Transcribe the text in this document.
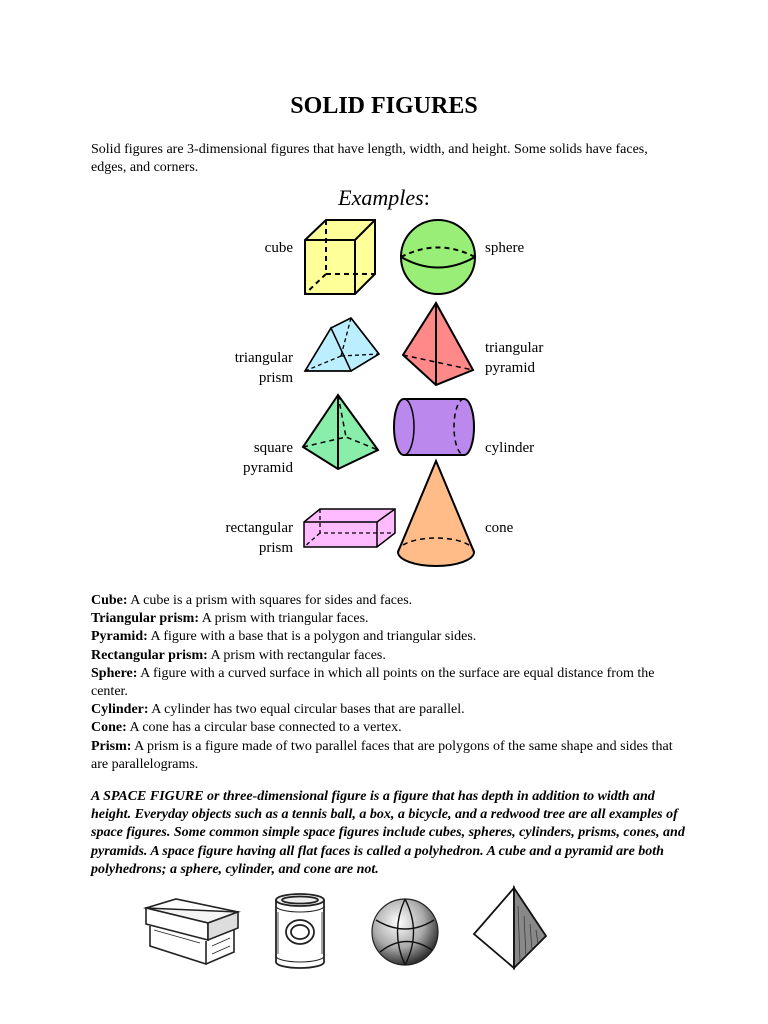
SOLID FIGURES

Solid figures are 3-dimensional figures that have length, width, and height. Some solids have faces, edges, and corners.

Examples:
cube	sphere
triangular
prism
triangular
pyramid
square
pyramid
cylinder
rectangular
prism
cone

Cube: A cube is a prism with squares for sides and faces.

Triangular prism: A prism with triangular faces.

Pyramid: A figure with a base that is a polygon and triangular sides.

Rectangular prism: A prism with rectangular faces.

Sphere: A figure with a curved surface in which all points on the surface are equal distance from the center.

Cylinder: A cylinder has two equal circular bases that are parallel.

Cone: A cone has a circular base connected to a vertex.

Prism: A prism is a figure made of two parallel faces that are polygons of the same shape and sides that are parallelograms.

A SPACE FIGURE or three-dimensional figure is a figure that has depth in addition to width and height. Everyday objects such as a tennis ball, a box, a bicycle, and a redwood tree are all examples of space figures. Some common simple space figures include cubes, spheres, cylinders, prisms, cones, and pyramids. A space figure having all flat faces is called a polyhedron. A cube and a pyramid are both polyhedrons; a sphere, cylinder, and cone are not.
